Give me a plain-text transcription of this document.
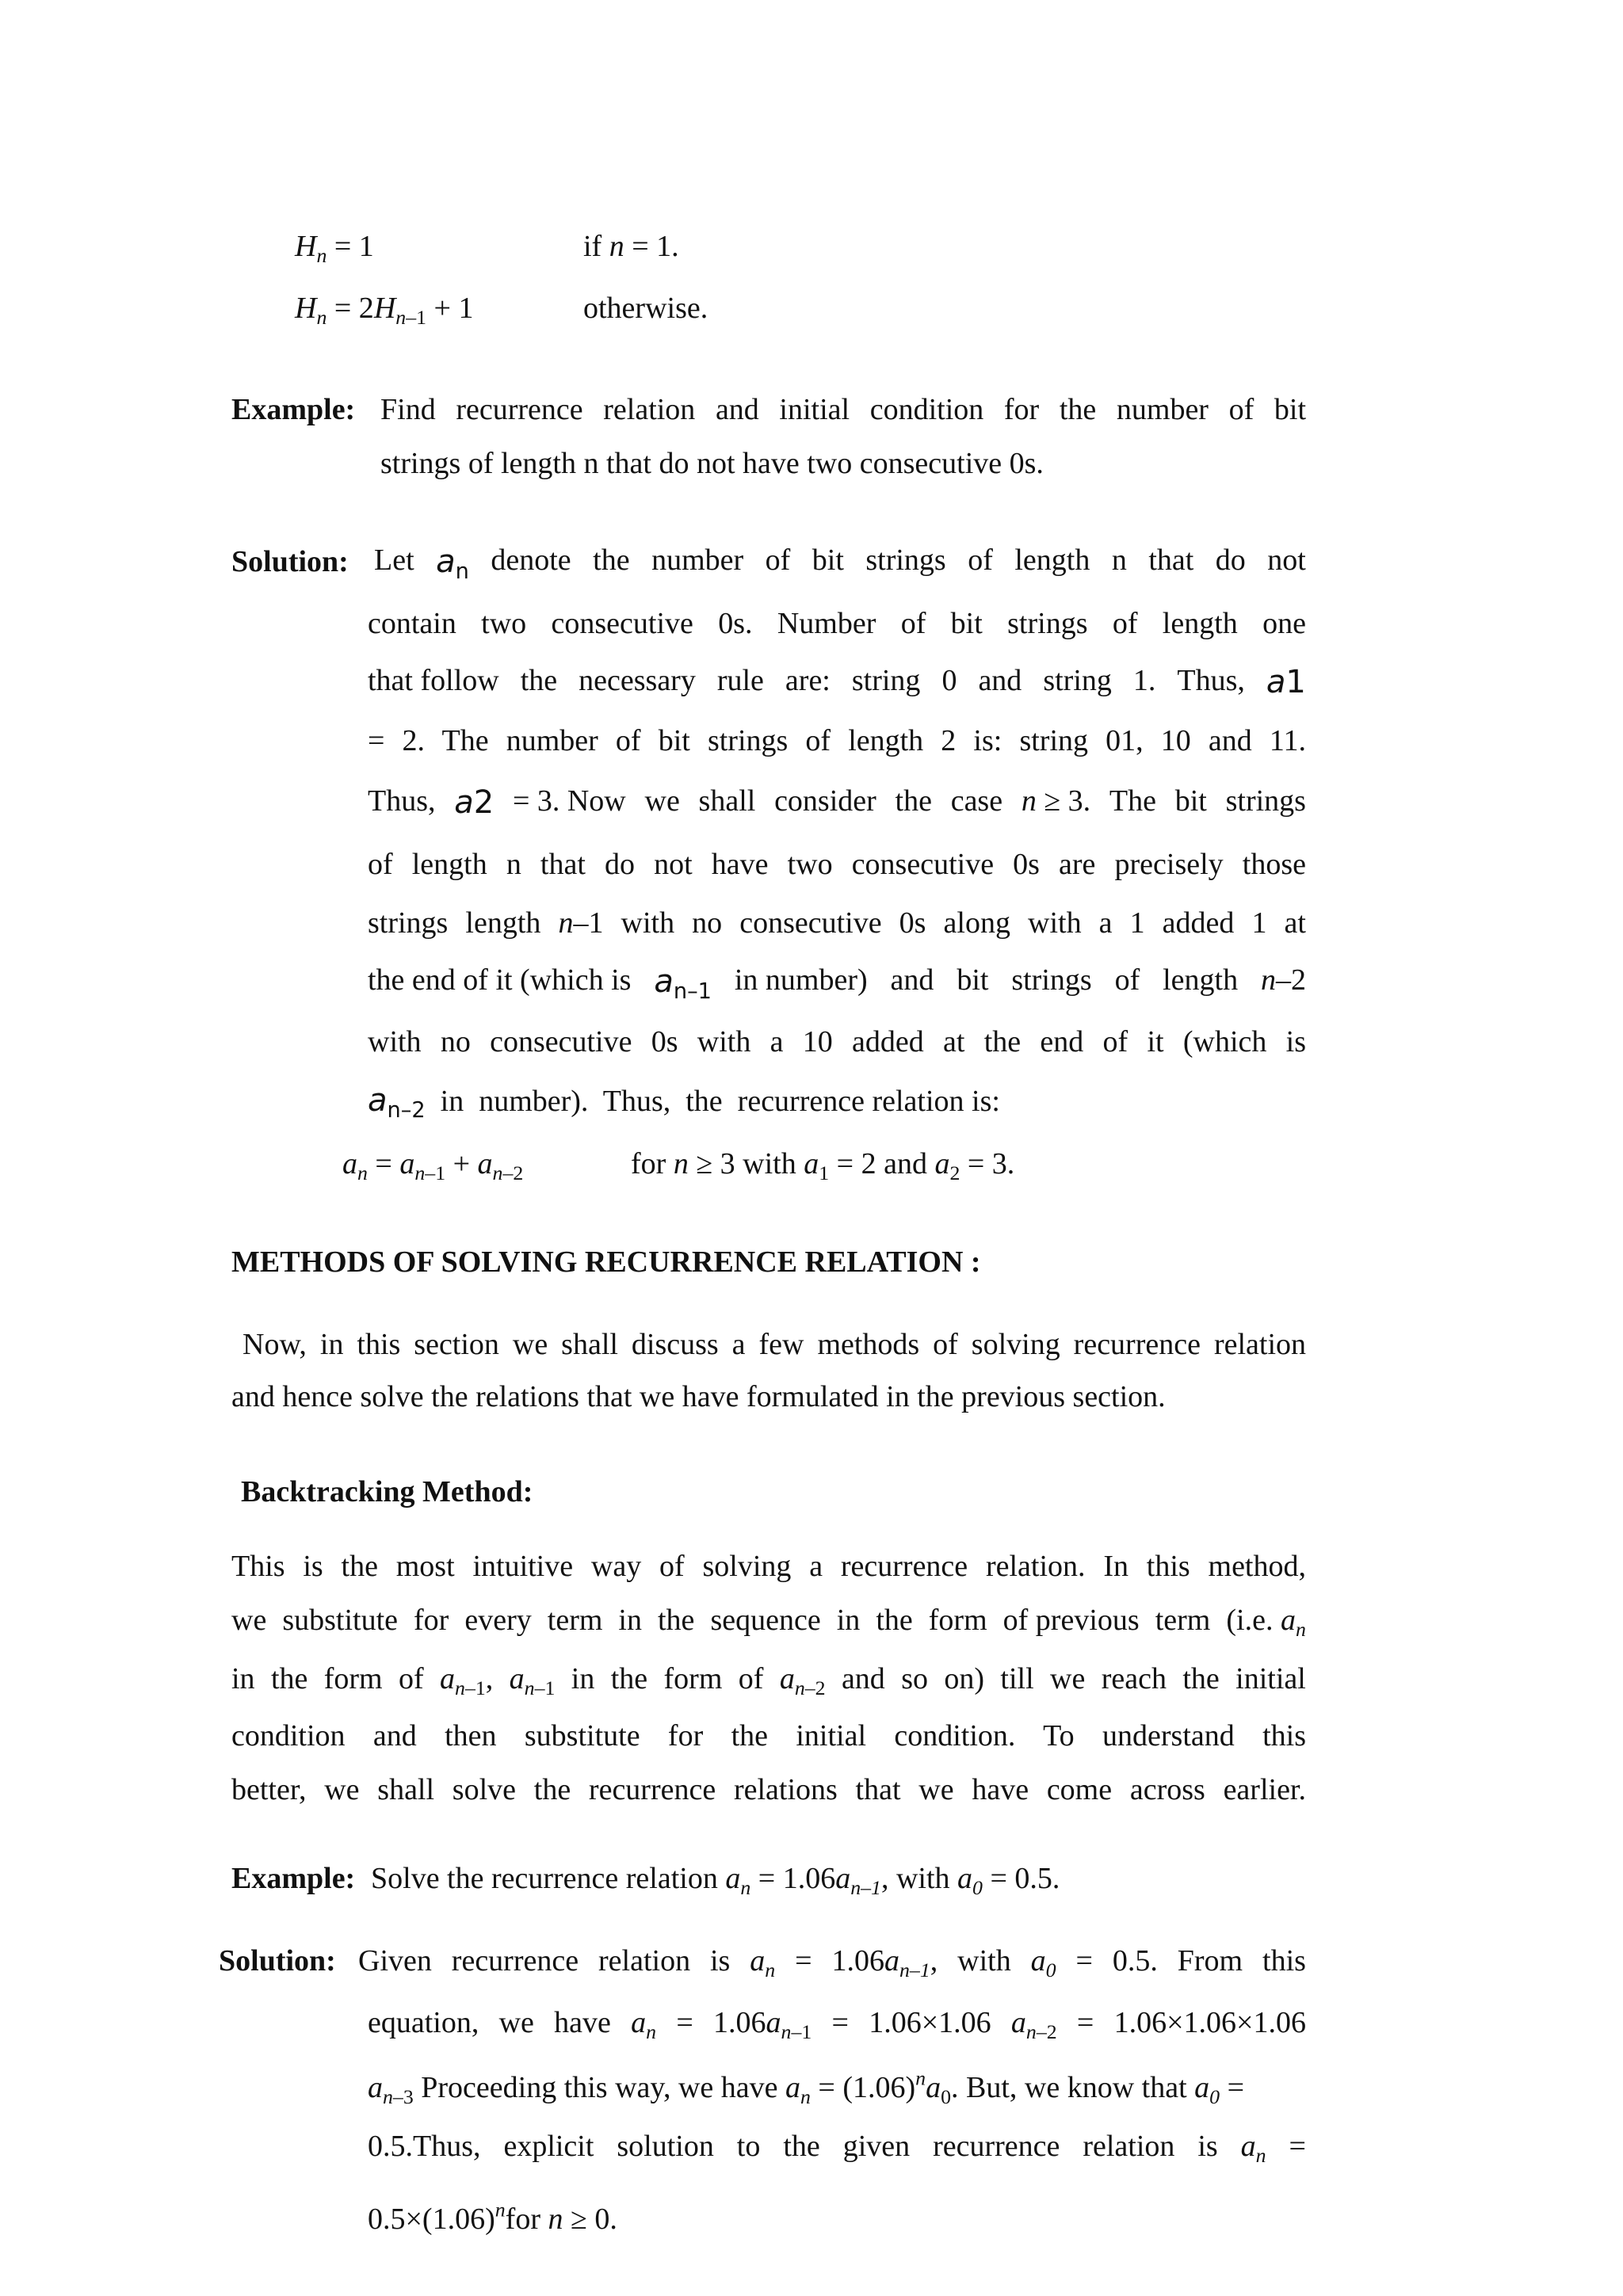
$H_n = 1$	if n = 1.
$H_n = 2H_{n-1} + 1$	otherwise.
Example: Find recurrence relation and initial condition for the number of bit
strings of length n that do not have two consecutive 0s.
Solution: Let $a_n$ denote the number of bit strings of length n that do not
contain two consecutive 0s. Number of bit strings of length one
that follow the necessary rule are: string 0 and string 1. Thus, a1
= 2. The number of bit strings of length 2 is: string 01, 10 and 11.
Thus, a2 = 3. Now we shall consider the case n ≥ 3. The bit strings
of length n that do not have two consecutive 0s are precisely those
strings length n–1 with no consecutive 0s along with a 1 added 1 at
the end of it (which is $a_{n-1}$ in number) and bit strings of length n–2
with no consecutive 0s with a 10 added at the end of it (which is
$a_{n-2}$  in  number).  Thus,  the  recurrence relation is:
$a_n = a_{n-1} + a_{n-2}$	for n ≥ 3 with $a_1 = 2$ and $a_2 = 3$.
METHODS OF SOLVING RECURRENCE RELATION :
Now, in this section we shall discuss a few methods of solving recurrence relation
and hence solve the relations that we have formulated in the previous section.
Backtracking Method:
This is the most intuitive way of solving a recurrence relation. In this method,
we substitute for every term in the sequence in the form of previous term (i.e. $a_n$
in the form of $a_{n-1}$, $a_{n-1}$ in the form of $a_{n-2}$ and so on) till we reach the initial
condition and then substitute for the initial condition. To understand this
better, we shall solve the recurrence relations that we have come across earlier.
Example: Solve the recurrence relation $a_n = 1.06a_{n-1}$, with $a_0 = 0.5$.
Solution: Given recurrence relation is $a_n = 1.06a_{n-1}$, with $a_0 = 0.5$. From this
equation, we have $a_n = 1.06a_{n-1} = 1.06\times 1.06$ $a_{n-2} = 1.06\times 1.06\times 1.06$
$a_{n-3}$ Proceeding this way, we have $a_n = (1.06)^na_0$. But, we know that $a_0$ =
0.5.Thus, explicit solution to the given recurrence relation is $a_n$ =
$0.5\times(1.06)^nfor$ n ≥ 0.
